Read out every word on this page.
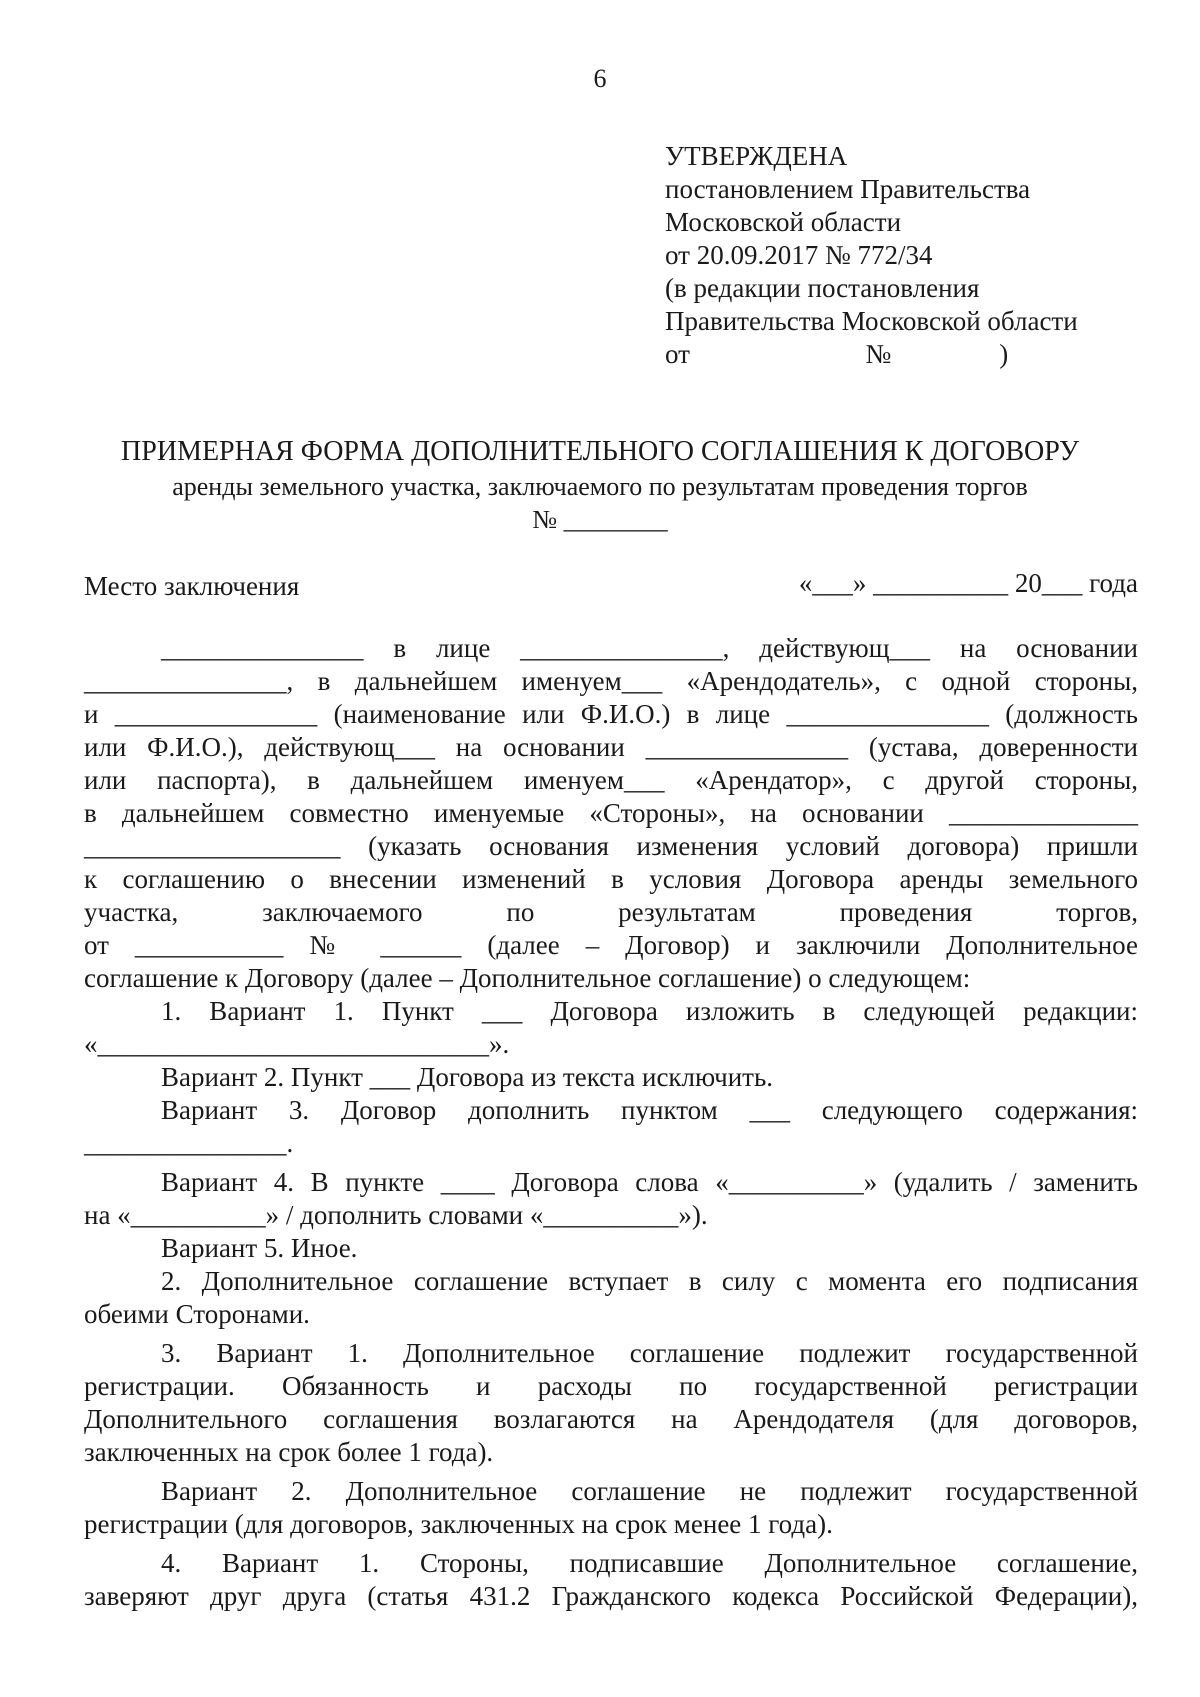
6
УТВЕРЖДЕНА
постановлением Правительства
Московской области
от 20.09.2017 № 772/34
(в редакции постановления
Правительства Московской области
от                          №                )
ПРИМЕРНАЯ ФОРМА ДОПОЛНИТЕЛЬНОГО СОГЛАШЕНИЯ К ДОГОВОРУ
аренды земельного участка, заключаемого по результатам проведения торгов
№ ________
Место заключения	«___» __________ 20___ года
_______________ в лице _______________, действующ___ на основании
_______________, в дальнейшем именуем___ «Арендодатель», с одной стороны,
и _______________ (наименование или Ф.И.О.) в лице _______________ (должность
или Ф.И.О.), действующ___ на основании _______________ (устава, доверенности
или паспорта), в дальнейшем именуем___ «Арендатор», с другой стороны,
в дальнейшем совместно именуемые «Стороны», на основании ______________
___________________ (указать основания изменения условий договора) пришли
к соглашению о внесении изменений в условия Договора аренды земельного
участка, заключаемого по результатам проведения торгов,
от ___________ № ______ (далее – Договор) и заключили Дополнительное
соглашение к Договору (далее – Дополнительное соглашение) о следующем:
1. Вариант 1. Пункт ___ Договора изложить в следующей редакции:
«_____________________________».
Вариант 2. Пункт ___ Договора из текста исключить.
Вариант 3. Договор дополнить пунктом ___ следующего содержания:
_______________.
Вариант 4. В пункте ____ Договора слова «__________» (удалить / заменить
на «__________» / дополнить словами «__________»).
Вариант 5. Иное.
2. Дополнительное соглашение вступает в силу с момента его подписания
обеими Сторонами.
3. Вариант 1. Дополнительное соглашение подлежит государственной
регистрации. Обязанность и расходы по государственной регистрации
Дополнительного соглашения возлагаются на Арендодателя (для договоров,
заключенных на срок более 1 года).
Вариант 2. Дополнительное соглашение не подлежит государственной
регистрации (для договоров, заключенных на срок менее 1 года).
4. Вариант 1. Стороны, подписавшие Дополнительное соглашение,
заверяют друг друга (статья 431.2 Гражданского кодекса Российской Федерации),
